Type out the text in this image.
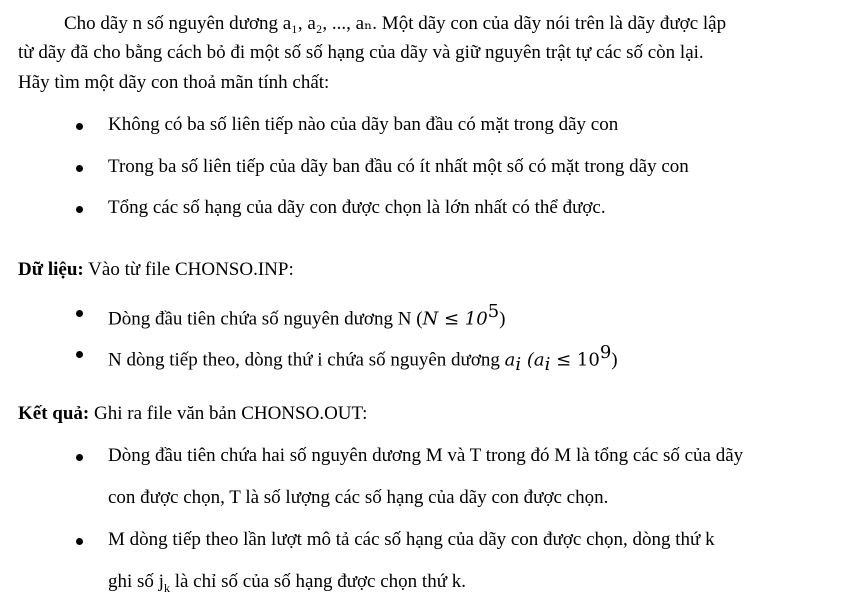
Cho dãy n số nguyên dương a₁, a₂, ..., aₙ. Một dãy con của dãy nói trên là dãy được lập
từ dãy đã cho bằng cách bỏ đi một số số hạng của dãy và giữ nguyên trật tự các số còn lại.
Hãy tìm một dãy con thoả mãn tính chất:
Không có ba số liên tiếp nào của dãy ban đầu có mặt trong dãy con
Trong ba số liên tiếp của dãy ban đầu có ít nhất một số có mặt trong dãy con
Tổng các số hạng của dãy con được chọn là lớn nhất có thể được.
Dữ liệu: Vào từ file CHONSO.INP:
Dòng đầu tiên chứa số nguyên dương N $(N \le 10^5)$
N dòng tiếp theo, dòng thứ i chứa số nguyên dương $a_i$ $(a_i \le 10^9)$
Kết quả: Ghi ra file văn bản CHONSO.OUT:
Dòng đầu tiên chứa hai số nguyên dương M và T trong đó M là tổng các số của dãy
con được chọn, T là số lượng các số hạng của dãy con được chọn.
M dòng tiếp theo lần lượt mô tả các số hạng của dãy con được chọn, dòng thứ k
ghi số $j_k$ là chỉ số của số hạng được chọn thứ k.
